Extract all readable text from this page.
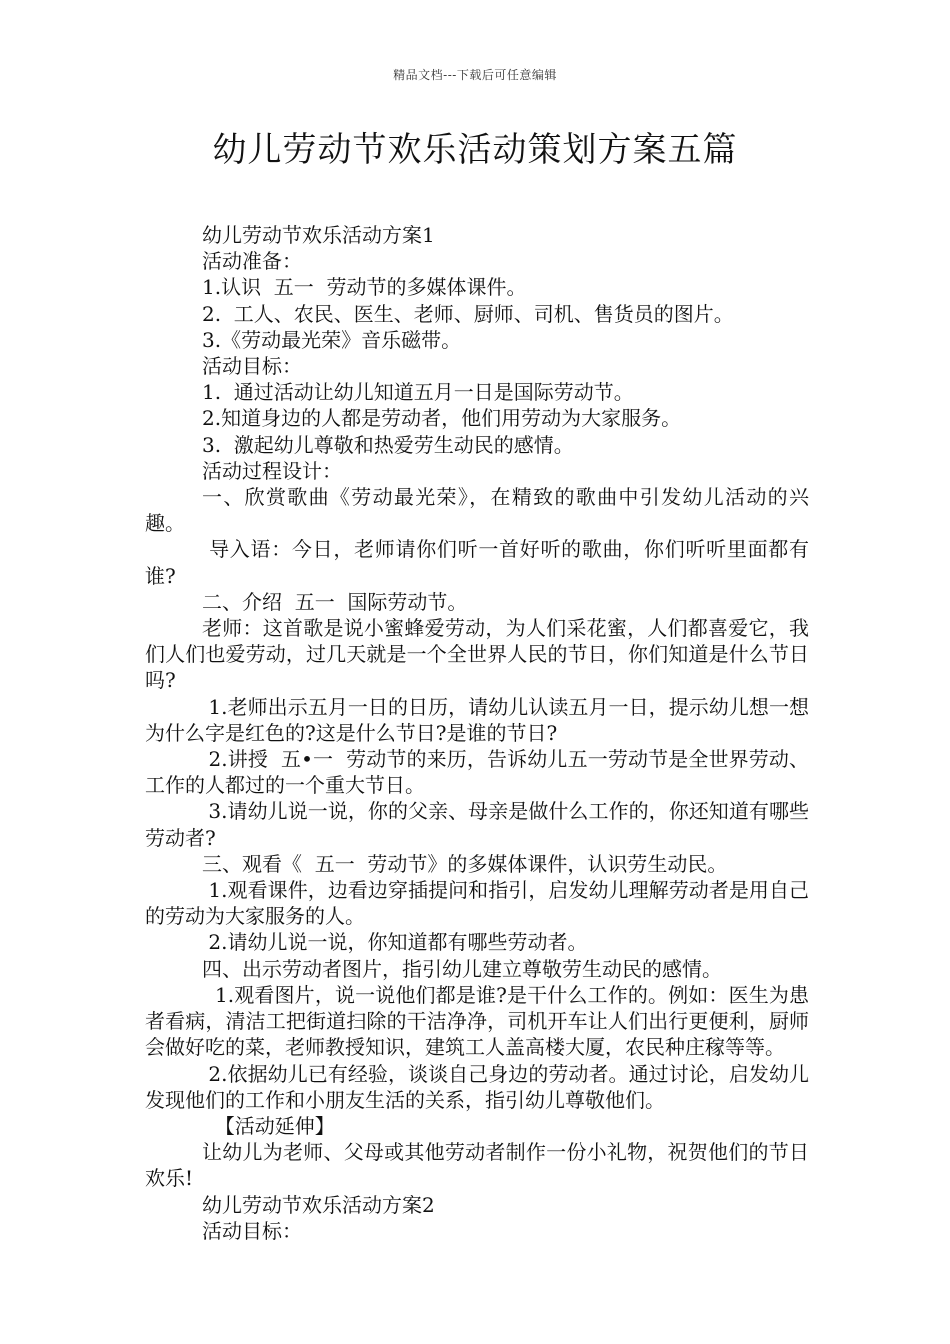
精品文档---下载后可任意编辑
幼儿劳动节欢乐活动策划方案五篇

幼儿劳动节欢乐活动方案1

活动准备：

1.认识  五一  劳动节的多媒体课件。

2.  工人、农民、医生、老师、厨师、司机、售货员的图片。

3.《劳动最光荣》音乐磁带。

活动目标：

1.  通过活动让幼儿知道五月一日是国际劳动节。

2.知道身边的人都是劳动者，他们用劳动为大家服务。

3.  激起幼儿尊敬和热爱劳生动民的感情。

活动过程设计：

一、欣赏歌曲《劳动最光荣》，在精致的歌曲中引发幼儿活动的兴趣。

导入语：今日，老师请你们听一首好听的歌曲，你们听听里面都有谁?

二、介绍  五一  国际劳动节。

老师：这首歌是说小蜜蜂爱劳动，为人们采花蜜，人们都喜爱它，我们人们也爱劳动，过几天就是一个全世界人民的节日，你们知道是什么节日吗?

1.老师出示五月一日的日历，请幼儿认读五月一日，提示幼儿想一想为什么字是红色的?这是什么节日?是谁的节日?

2.讲授  五•一  劳动节的来历，告诉幼儿五一劳动节是全世界劳动、工作的人都过的一个重大节日。

3.请幼儿说一说，你的父亲、母亲是做什么工作的，你还知道有哪些劳动者?

三、观看《  五一  劳动节》的多媒体课件，认识劳生动民。

1.观看课件，边看边穿插提问和指引，启发幼儿理解劳动者是用自己的劳动为大家服务的人。

2.请幼儿说一说，你知道都有哪些劳动者。

四、出示劳动者图片，指引幼儿建立尊敬劳生动民的感情。

1.观看图片，说一说他们都是谁?是干什么工作的。例如：医生为患者看病，清洁工把街道扫除的干洁净净，司机开车让人们出行更便利，厨师会做好吃的菜，老师教授知识，建筑工人盖高楼大厦，农民种庄稼等等。

2.依据幼儿已有经验，谈谈自己身边的劳动者。通过讨论，启发幼儿发现他们的工作和小朋友生活的关系，指引幼儿尊敬他们。

【活动延伸】

让幼儿为老师、父母或其他劳动者制作一份小礼物，祝贺他们的节日欢乐!

幼儿劳动节欢乐活动方案2

活动目标：
